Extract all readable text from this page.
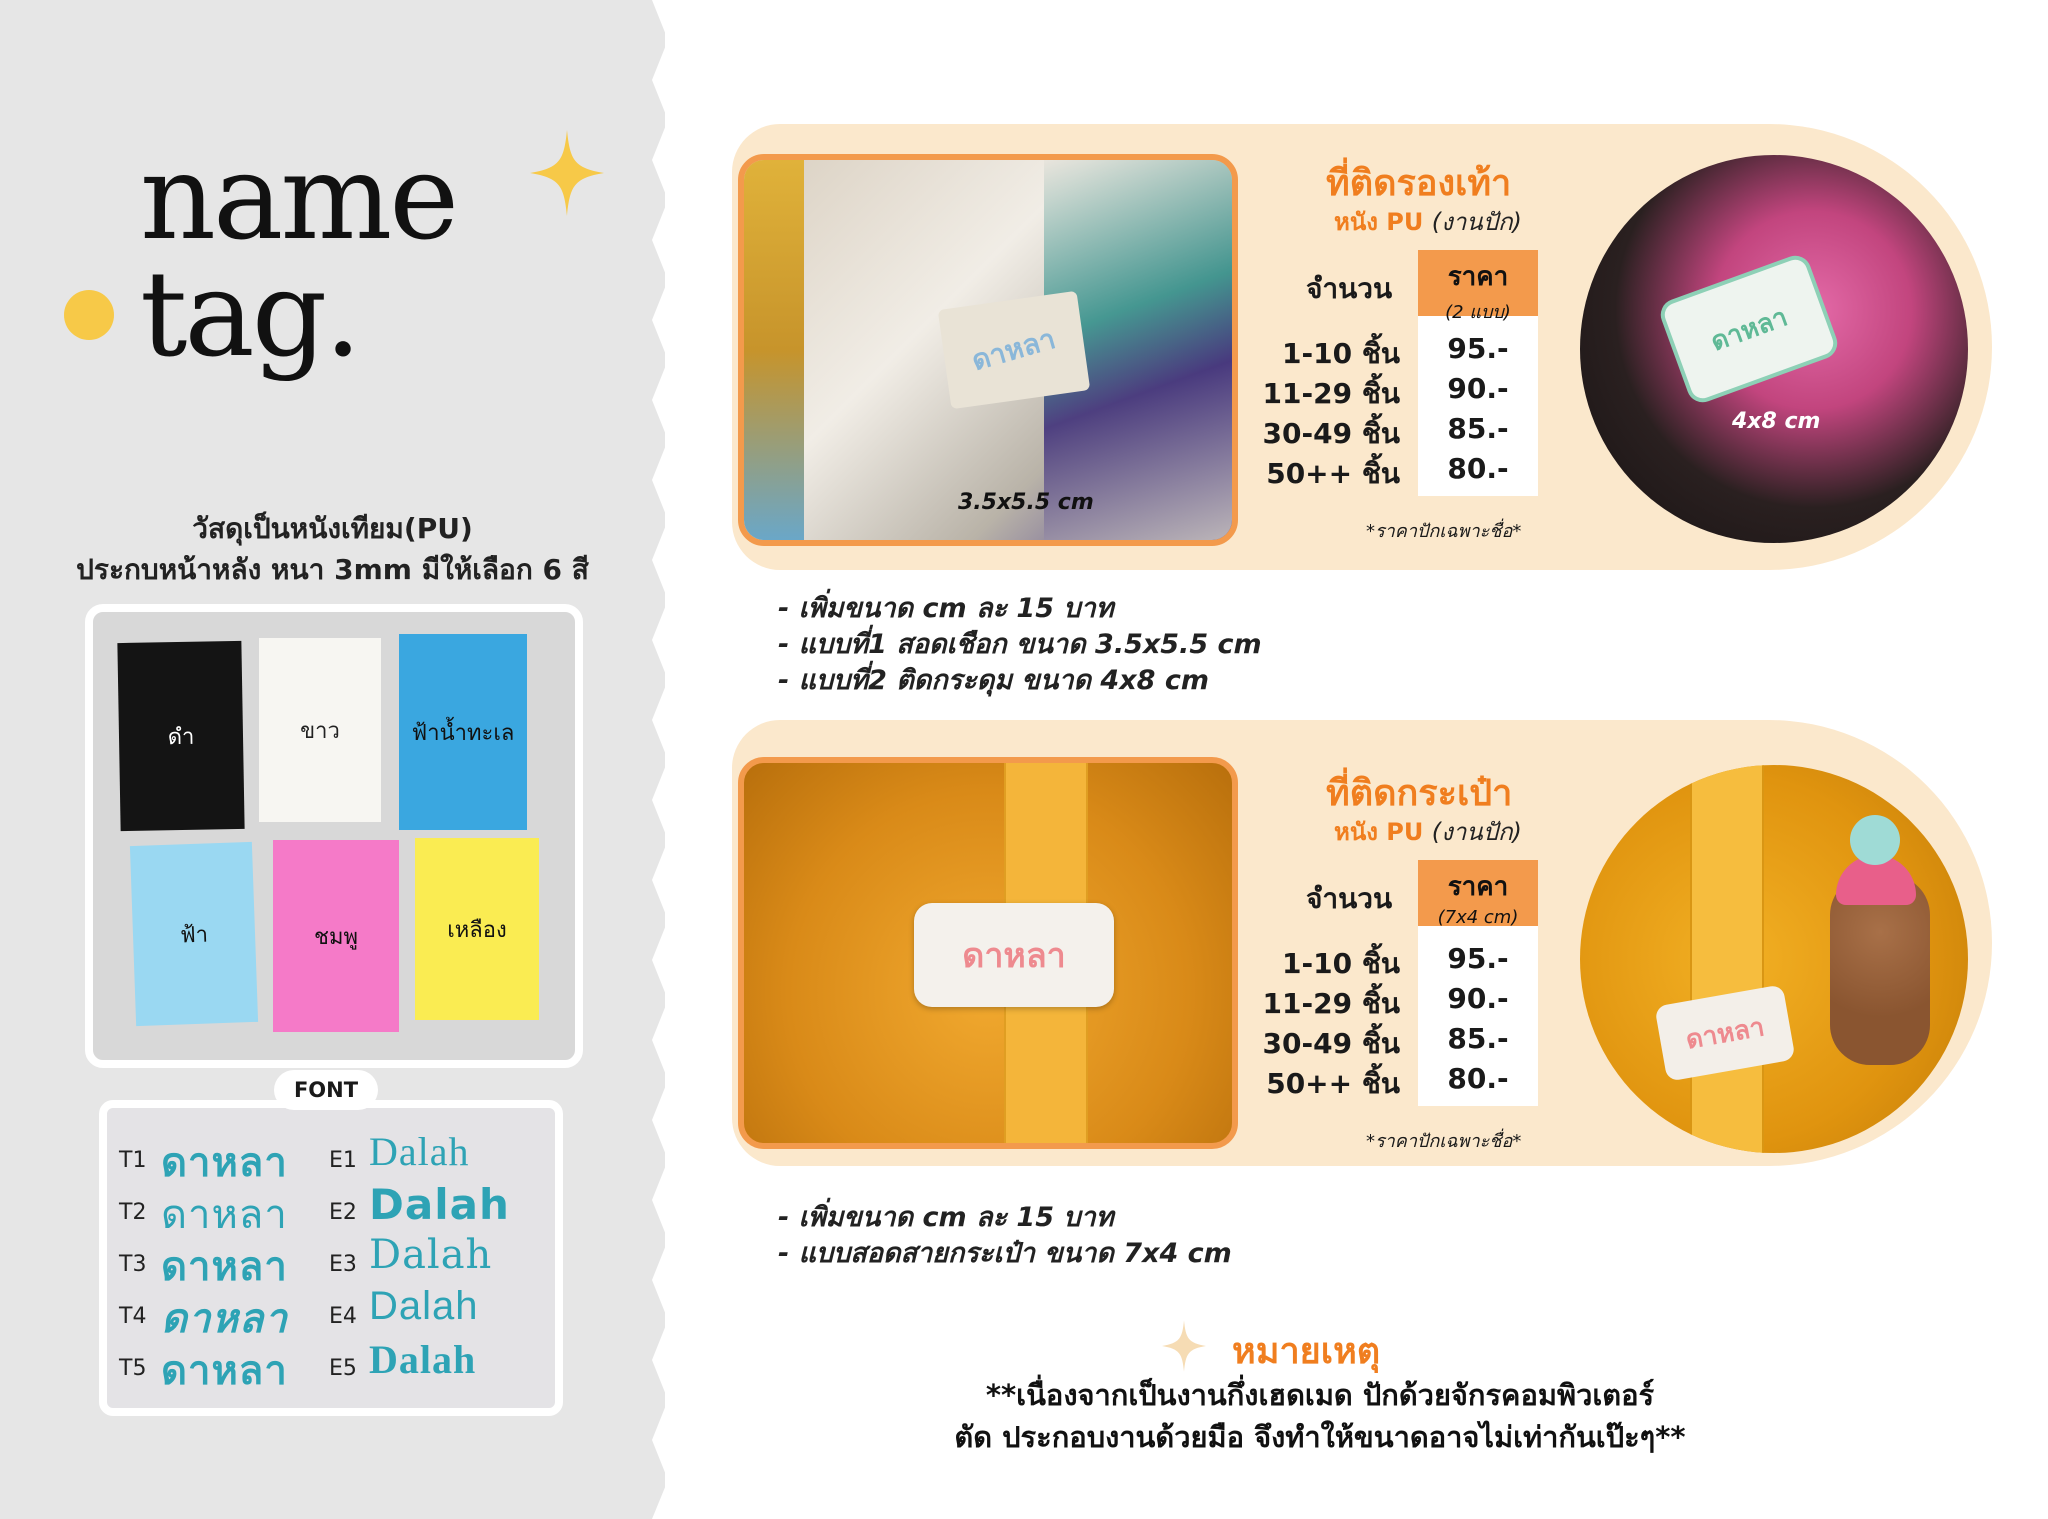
name
tag.
วัสดุเป็นหนังเทียม(PU)
ประกบหน้าหลัง หนา 3mm มีให้เลือก 6 สี
ดำ	ขาว	ฟ้าน้ำทะเล
ฟ้า	ชมพู	เหลือง
T1 ดาหลา
T2 ดาหลา
T3 ดาหลา
T4 ดาหลา
T5 ดาหลา
E1 Dalah
E2 Dalah
E3 Dalah
E4 Dalah
E5 Dalah
FONT
ดาหลา
3.5x5.5 cm
ที่ติดรองเท้า
หนัง PU (งานปัก)
จำนวน	ราคา
(2 แบบ)
1-10 ชิ้น	95.-
11-29 ชิ้น	90.-
30-49 ชิ้น	85.-
50++ ชิ้น	80.-
*ราคาปักเฉพาะชื่อ*
ดาหลา
4x8 cm
- เพิ่มขนาด cm ละ 15 บาท
- แบบที่1 สอดเชือก ขนาด 3.5x5.5 cm
- แบบที่2 ติดกระดุม ขนาด 4x8 cm
ดาหลา
ที่ติดกระเป๋า
หนัง PU (งานปัก)
จำนวน	ราคา
(7x4 cm)
1-10 ชิ้น	95.-
11-29 ชิ้น	90.-
30-49 ชิ้น	85.-
50++ ชิ้น	80.-
*ราคาปักเฉพาะชื่อ*
ดาหลา
- เพิ่มขนาด cm ละ 15 บาท
- แบบสอดสายกระเป๋า ขนาด 7x4 cm
หมายเหตุ
**เนื่องจากเป็นงานกึ่งเฮดเมด ปักด้วยจักรคอมพิวเตอร์
ตัด ประกอบงานด้วยมือ จึงทำให้ขนาดอาจไม่เท่ากันเป๊ะๆ**
